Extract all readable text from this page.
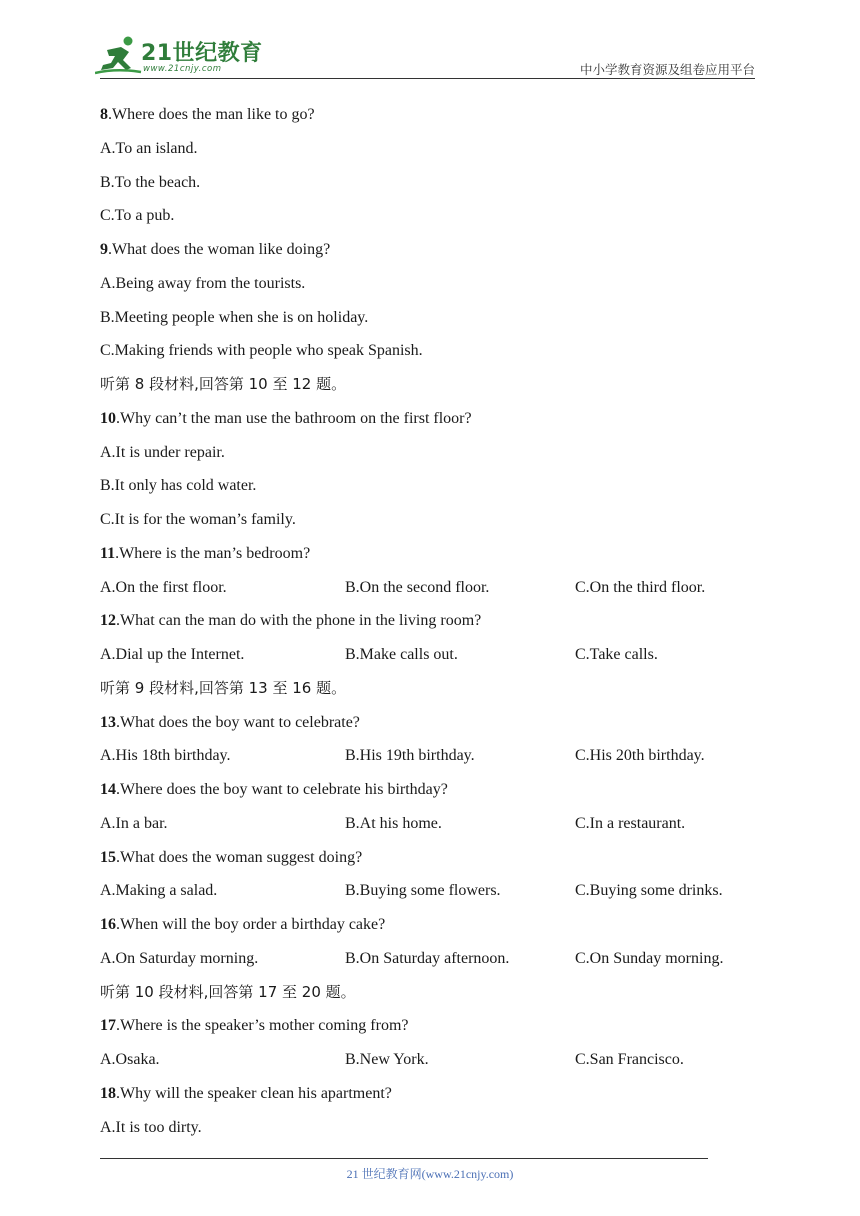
21世纪教育
www.21cnjy.com	中小学教育资源及组卷应用平台
8.Where does the man like to go?
A.To an island.
B.To the beach.
C.To a pub.
9.What does the woman like doing?
A.Being away from the tourists.
B.Meeting people when she is on holiday.
C.Making friends with people who speak Spanish.
听第 8 段材料,回答第 10 至 12 题。
10.Why can’t the man use the bathroom on the first floor?
A.It is under repair.
B.It only has cold water.
C.It is for the woman’s family.
11.Where is the man’s bedroom?
A.On the first floor.	B.On the second floor.	C.On the third floor.
12.What can the man do with the phone in the living room?
A.Dial up the Internet.	B.Make calls out.	C.Take calls.
听第 9 段材料,回答第 13 至 16 题。
13.What does the boy want to celebrate?
A.His 18th birthday.	B.His 19th birthday.	C.His 20th birthday.
14.Where does the boy want to celebrate his birthday?
A.In a bar.	B.At his home.	C.In a restaurant.
15.What does the woman suggest doing?
A.Making a salad.	B.Buying some flowers.	C.Buying some drinks.
16.When will the boy order a birthday cake?
A.On Saturday morning.	B.On Saturday afternoon.	C.On Sunday morning.
听第 10 段材料,回答第 17 至 20 题。
17.Where is the speaker’s mother coming from?
A.Osaka.	B.New York.	C.San Francisco.
18.Why will the speaker clean his apartment?
A.It is too dirty.
21 世纪教育网(www.21cnjy.com)
